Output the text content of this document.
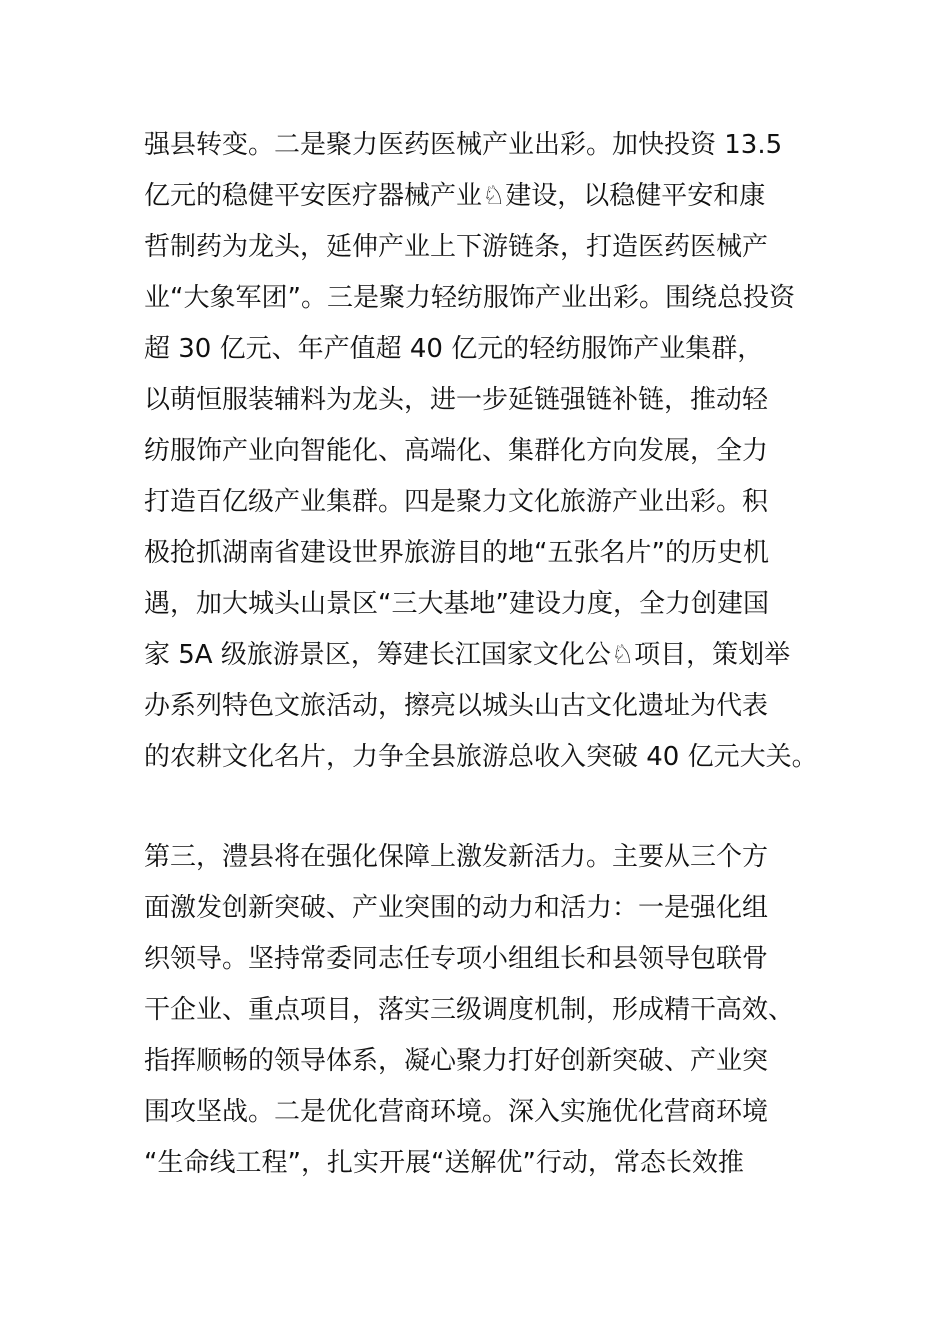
强县转变。二是聚力医药医械产业出彩。加快投资 13.5
亿元的稳健平安医疗器械产业♘建设，以稳健平安和康
哲制药为龙头，延伸产业上下游链条，打造医药医械产
业“大象军团”。三是聚力轻纺服饰产业出彩。围绕总投资
超 30 亿元、年产值超 40 亿元的轻纺服饰产业集群，
以萌恒服装辅料为龙头，进一步延链强链补链，推动轻
纺服饰产业向智能化、高端化、集群化方向发展，全力
打造百亿级产业集群。四是聚力文化旅游产业出彩。积
极抢抓湖南省建设世界旅游目的地“五张名片”的历史机
遇，加大城头山景区“三大基地”建设力度，全力创建国
家 5A 级旅游景区，筹建长江国家文化公♘项目，策划举
办系列特色文旅活动，擦亮以城头山古文化遗址为代表
的农耕文化名片，力争全县旅游总收入突破 40 亿元大关。
第三，澧县将在强化保障上激发新活力。主要从三个方
面激发创新突破、产业突围的动力和活力：一是强化组
织领导。坚持常委同志任专项小组组长和县领导包联骨
干企业、重点项目，落实三级调度机制，形成精干高效、
指挥顺畅的领导体系，凝心聚力打好创新突破、产业突
围攻坚战。二是优化营商环境。深入实施优化营商环境
“生命线工程”，扎实开展“送解优”行动，常态长效推
